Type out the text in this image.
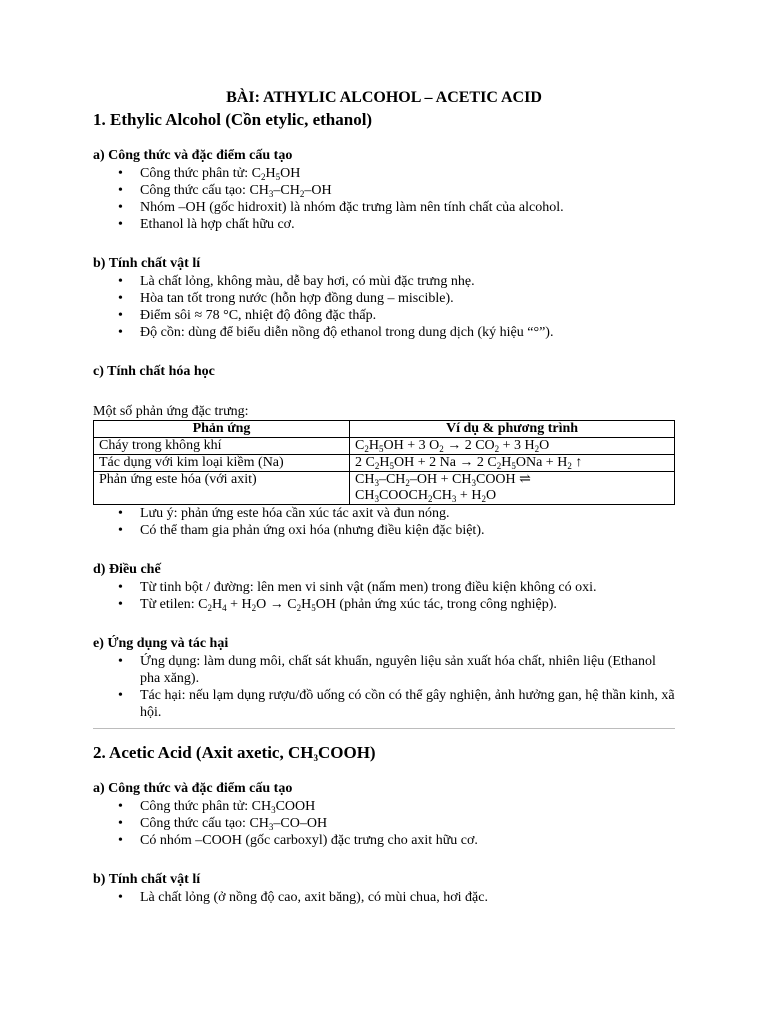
BÀI: ATHYLIC ALCOHOL – ACETIC ACID
1. Ethylic Alcohol (Cồn etylic, ethanol)
a) Công thức và đặc điểm cấu tạo
• Công thức phân tử: $C_2H_5OH$
• Công thức cấu tạo: $CH_3-CH_2-OH$
• Nhóm –OH (gốc hidroxit) là nhóm đặc trưng làm nên tính chất của alcohol.
• Ethanol là hợp chất hữu cơ.
b) Tính chất vật lí
• Là chất lỏng, không màu, dễ bay hơi, có mùi đặc trưng nhẹ.
• Hòa tan tốt trong nước (hỗn hợp đồng dung – miscible).
• Điểm sôi ≈ 78 °C, nhiệt độ đông đặc thấp.
• Độ cồn: dùng để biểu diễn nồng độ ethanol trong dung dịch (ký hiệu “°”).
c) Tính chất hóa học
Một số phản ứng đặc trưng:
Phản ứng	Ví dụ & phương trình
Cháy trong không khí	$C_2H_5OH + 3$ $O_2 \to 2$ $CO_2 + 3$ $H_2O$
Tác dụng với kim loại kiềm (Na)	2 $C_2H_5OH + 2$ Na → 2 $C_2H_5ONa + H_2$ ↑
Phản ứng este hóa (với axit)	$CH_3-CH_2-OH$ + $CH_3COOH$ ⇌ $CH_3COOCH_2CH_3 + H_2O$
• Lưu ý: phản ứng este hóa cần xúc tác axit và đun nóng.
• Có thể tham gia phản ứng oxi hóa (nhưng điều kiện đặc biệt).
d) Điều chế
• Từ tinh bột / đường: lên men vi sinh vật (nấm men) trong điều kiện không có oxi.
• Từ etilen: $C_2H_4 + H_2O \to C_2H_5OH$ (phản ứng xúc tác, trong công nghiệp).
e) Ứng dụng và tác hại
• Ứng dụng: làm dung môi, chất sát khuẩn, nguyên liệu sản xuất hóa chất, nhiên liệu (Ethanol pha xăng).
• Tác hại: nếu lạm dụng rượu/đồ uống có cồn có thể gây nghiện, ảnh hưởng gan, hệ thần kinh, xã hội.
2. Acetic Acid (Axit axetic, $CH_3COOH$)
a) Công thức và đặc điểm cấu tạo
• Công thức phân tử: $CH_3COOH$
• Công thức cấu tạo: $CH_3-CO-OH$
• Có nhóm –COOH (gốc carboxyl) đặc trưng cho axit hữu cơ.
b) Tính chất vật lí
• Là chất lỏng (ở nồng độ cao, axit băng), có mùi chua, hơi đặc.
